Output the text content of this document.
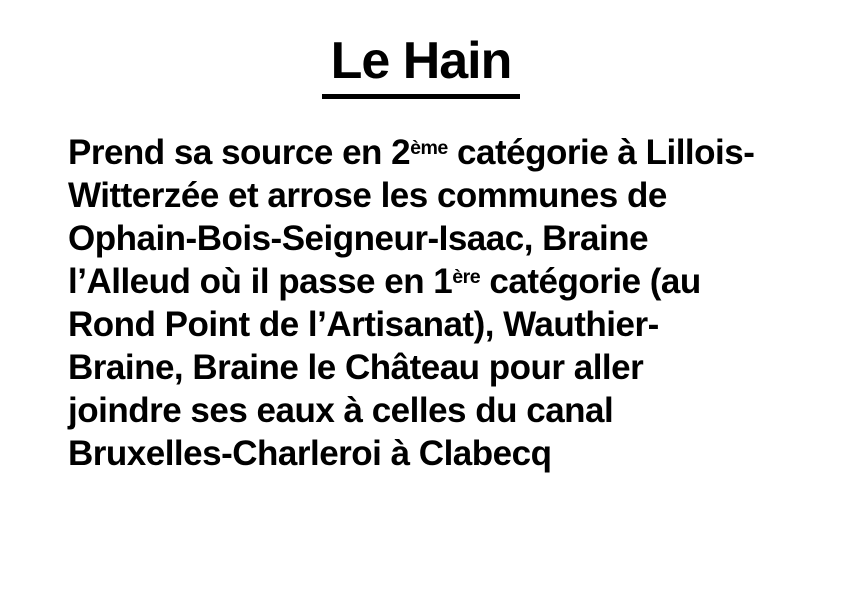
Le Hain
Prend sa source en 2ème catégorie à Lillois-
Witterzée et arrose les communes de
Ophain-Bois-Seigneur-Isaac, Braine
l’Alleud où il passe en 1ère catégorie (au
Rond Point de l’Artisanat), Wauthier-
Braine, Braine le Château pour aller
joindre ses eaux à celles du canal
Bruxelles-Charleroi à Clabecq
